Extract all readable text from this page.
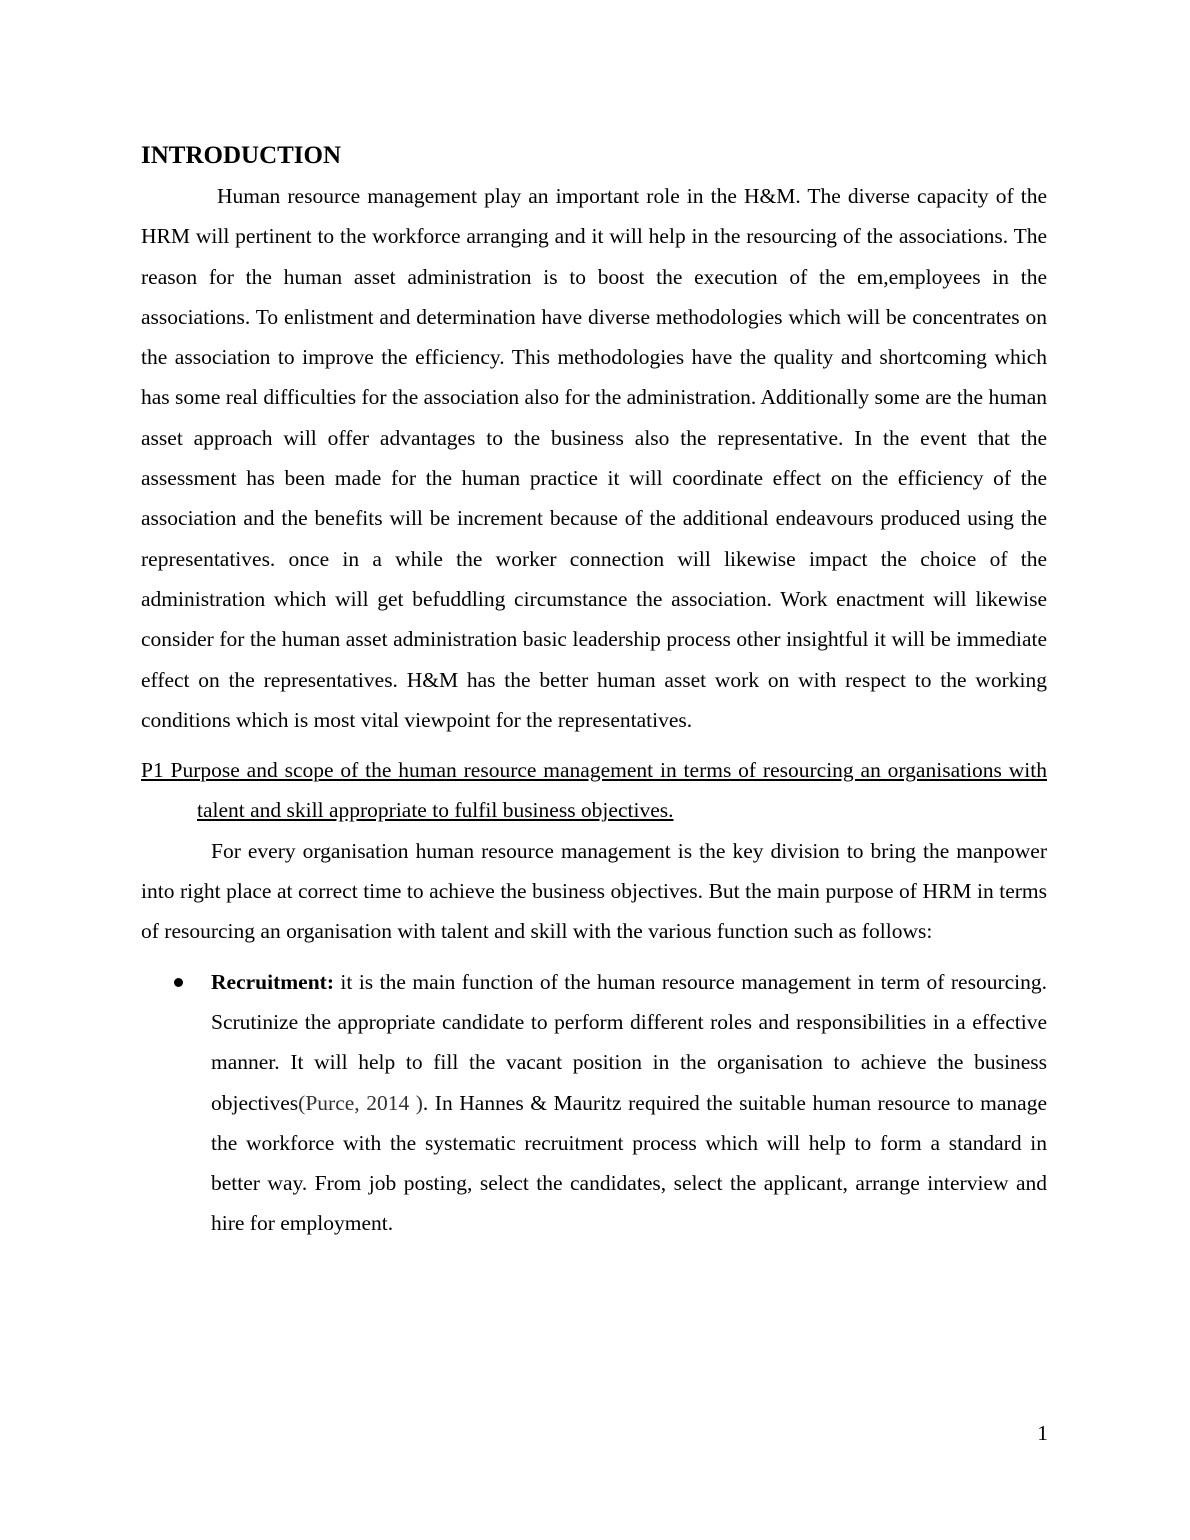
INTRODUCTION

Human resource management play an important role in the H&M. The diverse capacity of the HRM will pertinent to the workforce arranging and it will help in the resourcing of the associations. The reason for the human asset administration is to boost the execution of the em,employees in the associations. To enlistment and determination have diverse methodologies which will be concentrates on the association to improve the efficiency. This methodologies have the quality and shortcoming which has some real difficulties for the association also for the administration. Additionally some are the human asset approach will offer advantages to the business also the representative. In the event that the assessment has been made for the human practice it will coordinate effect on the efficiency of the association and the benefits will be increment because of the additional endeavours produced using the representatives. once in a while the worker connection will likewise impact the choice of the administration which will get befuddling circumstance the association. Work enactment will likewise consider for the human asset administration basic leadership process other insightful it will be immediate effect on the representatives. H&M has the better human asset work on with respect to the working conditions which is most vital viewpoint for the representatives.

P1 Purpose and scope of the human resource management in terms of resourcing an organisations with talent and skill appropriate to fulfil business objectives.

For every organisation human resource management is the key division to bring the manpower into right place at correct time to achieve the business objectives. But the main purpose of HRM in terms of resourcing an organisation with talent and skill with the various function such as follows:

Recruitment: it is the main function of the human resource management in term of resourcing. Scrutinize the appropriate candidate to perform different roles and responsibilities in a effective manner. It will help to fill the vacant position in the organisation to achieve the business objectives(Purce, 2014 ). In Hannes & Mauritz required the suitable human resource to manage the workforce with the systematic recruitment process which will help to form a standard in better way. From job posting, select the candidates, select the applicant, arrange interview and hire for employment.
1
